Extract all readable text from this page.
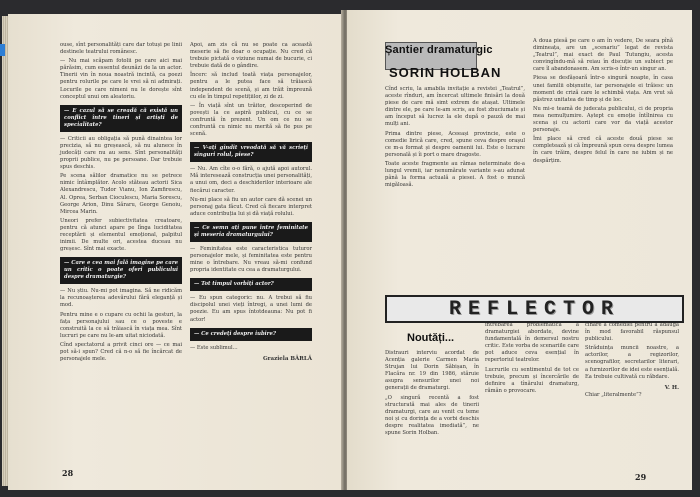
ouse, sînt personalități care dar totuși pe linii destinele teatrului românesc.

— Nu mai scăpam fotolii pe care aici mai părăsim, cum essentul deunăzi de la un actor. Tinerii vin în noua noastră incintă, ca poezi pentru rolurile pe care le vrei să ni admirați. Locurile pe care nimeni nu le dorește sînt conceptul unui om aleatoriu.

— E cazul să se creadă că există un conflict între tineri și artiști de specialitate?

— Criticii au obligația să pună dinaintea lor precizia, să nu greșească, să nu alunece în judecăți care nu au sens. Sînt personalități proprii publice, nu pe persoane. Dar trebuie spus deschis.

Pe scena sălilor dramatice nu se petrece nimic întâmplător. Acolo stăteau actorii Sica Alexandrescu, Tudor Vianu, Ion Zamfirescu, Al. Oprea, Serban Cioculescu, Maria Sorescu, George Arion, Dinu Săraru, George Genoiu, Mircea Marin.

Uneori prefer subiectivitatea creatoare, pentru că atunci apare pe lînga luciditatea receptării și elementul emoțional, palpitul inimii. De multe ori, acestea duceau nu greșesc. Sînt mai exacte.

— Care e cea mai fală imagine pe care un critic o poate oferi publicului despre dramaturgie?

— Nu știu. Nu-mi pot imagina. Să ne ridicăm la recunoașterea adevărului fără eleganță și mod.

Pentru mine e o cupare cu ochii la gesturi, la fața personajului sau ce o poveste e construită la ce să trăiască în viața mea. Sînt lucruri pe care nu le-am uitat niciodată.

Cînd spectatorul a privit cinci ore — ce mai pot să-i spun? Cred că n-o să fie încărcat de personajele mele.

Apoi, am zis că nu se poate ca această meserie să fie doar o ocupație. Nu cred că trebuie pictată o viziune numai de bucurie, ci trebuie dată de o gândire.

Încerc să includ toată viața personajelor, pentru a le putea face să trăiască independent de scenă, și am trăit împreună cu ele în timpul repetițiilor, zi de zi.

— În viață sînt un trăitor, descoperind de povești la ce aspiră publicul, cu ce se confruntă în prezent. Un om ce nu se confruntă cu nimic nu merită să fie pus pe scenă.

— V-ați gîndit vreodată să vă scrieți singuri rolul, piese?

— Nu. Am cîte o-o fără, o ajută apoi autorul. Mă interesează construcția unei personalități, a unui om, deci a deschiderilor interioare ale fiecărui caracter.

Nu-mi place să fiu un autor care dă scenei un personaj gata făcut. Cred că fiecare interpret aduce contribuția lui și dă viață rolului.

— Ce semn ați pune între feminitate și meseria dramaturgului?

— Feminitatea este caracteristica tuturor personajelor mele, și feminitatea este pentru mine o întrebare. Nu vreau să-mi confund propria identitate cu cea a dramaturgului.

— Tot timpul vorbiți actor?

— Eu spun categoric: nu. A trebui să fiu discipolul unei vieți întregi, a unei lumi de poezie. Eu am spus întotdeauna: Nu pot fi actor!

— Ce credeți despre iubire?

— Este sublimul...

Graziela BÂRLĂ
28
Șantier dramaturgic
SORIN HOLBAN

Cînd scriu, la amabila invitație a revistei „Teatrul”, aceste rînduri, am încercat ultimele finisări la două piese de care mă simt extrem de atașat. Ultimele dintre ele, pe care le-am scris, au fost zbuciumate și am început să lucrez la ele după o pauză de mai mulți ani.

Prima dintre piese, Aceeași provincie, este o comedie lirică care, cred, spune ceva despre orașul ce m-a format și despre oamenii lui. Este o lucrare personală și îi port o mare dragoste.

Toate aceste fragmente au rămas neterminate de-a lungul vremii, iar nenumărate variante s-au adunat până la forma actuală a piesei. A fost o muncă migăloasă.

A doua piesă pe care o am în vedere, De seara pînă dimineața, are un „scenariu” legat de revista „Teatrul”, mai exact de Paul Tutungiu, acesta convingîndu-mă să reiau în discuție un subiect pe care îl abandonasem. Am scris-o într-un singur an.

Piesa se desfășoară într-o singură noapte, în casa unei familii obișnuite, iar personajele ei trăiesc un moment de criză care le schimbă viața. Am vrut să păstrez unitatea de timp și de loc.

Nu mi-e teamă de judecata publicului, ci de propria mea nemulțumire. Aștept cu emoție întîlnirea cu scena și cu actorii care vor da viață acestor personaje.

Îmi place să cred că aceste două piese se completează și că împreună spun ceva despre lumea în care trăim, despre felul în care ne iubim și ne despărțim.

REFLECTOR
Noutăți...

Distrauri interviu acordat de Acenția galerie Carmen Maria Strujan lui Dorin Săbișan, în Flacăra nr. 19 din 1986, stăruie asupra sensurilor unei noi generații de dramaturgi.

„O singură recentă a fost structurată mai ales de tinerii dramaturgi, care au venit cu teme noi și cu dorința de a vorbi deschis despre realitatea imediată”, ne spune Sorin Holban.

întrebarea problematică a dramaturgiei abordate, devine fundamentală în demersul nostru critic. Este vorba de scenariile care pot aduce ceva esențial în repertoriul teatrelor.

Lucrurile cu sentimentul de tot ce trebuie, precum și încercările de definire a tînărului dramaturg, rămân o provocare.

cinare a comediei pentru a adăuga în mod favorabil răspunsul publicului.

Străduința muncii noastre, a actorilor, a regizorilor, scenografilor, secretarilor literari, a furnizorilor de idei este esențială. Ea trebuie cultivată cu răbdare.

V. H.

Chiar „literalmente”?

29
